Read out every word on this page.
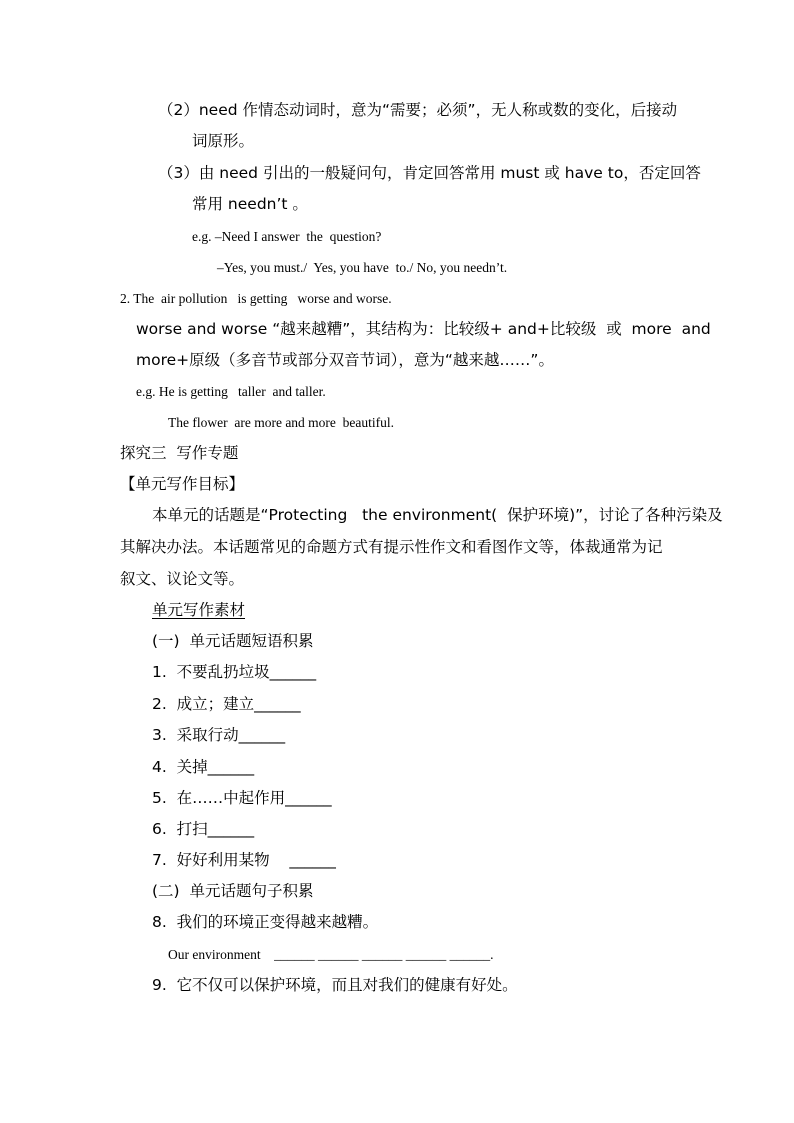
（2）need 作情态动词时，意为“需要；必须”，无人称或数的变化，后接动
词原形。
（3）由 need 引出的一般疑问句，肯定回答常用 must 或 have to，否定回答
常用 needn’t 。
e.g. –Need I answer  the  question?
–Yes, you must./  Yes, you have  to./ No, you needn’t.
2. The  air pollution   is getting   worse and worse.
worse and worse “越来越糟”，其结构为：比较级+ and+比较级  或  more  and
more+原级（多音节或部分双音节词），意为“越来越……”。
e.g. He is getting   taller  and taller.
The flower  are more and more  beautiful.
探究三  写作专题
【单元写作目标】
本单元的话题是“Protecting   the environment(  保护环境)”，讨论了各种污染及
其解决办法。本话题常见的命题方式有提示性作文和看图作文等，体裁通常为记
叙文、议论文等。
单元写作素材
(一)  单元话题短语积累
1.  不要乱扔垃圾______
2.  成立；建立______
3.  采取行动______
4.  关掉______
5.  在……中起作用______
6.  打扫______
7.  好好利用某物    ______
(二)  单元话题句子积累
8.  我们的环境正变得越来越糟。
Our environment    ______ ______ ______ ______ ______.
9.  它不仅可以保护环境，而且对我们的健康有好处。
